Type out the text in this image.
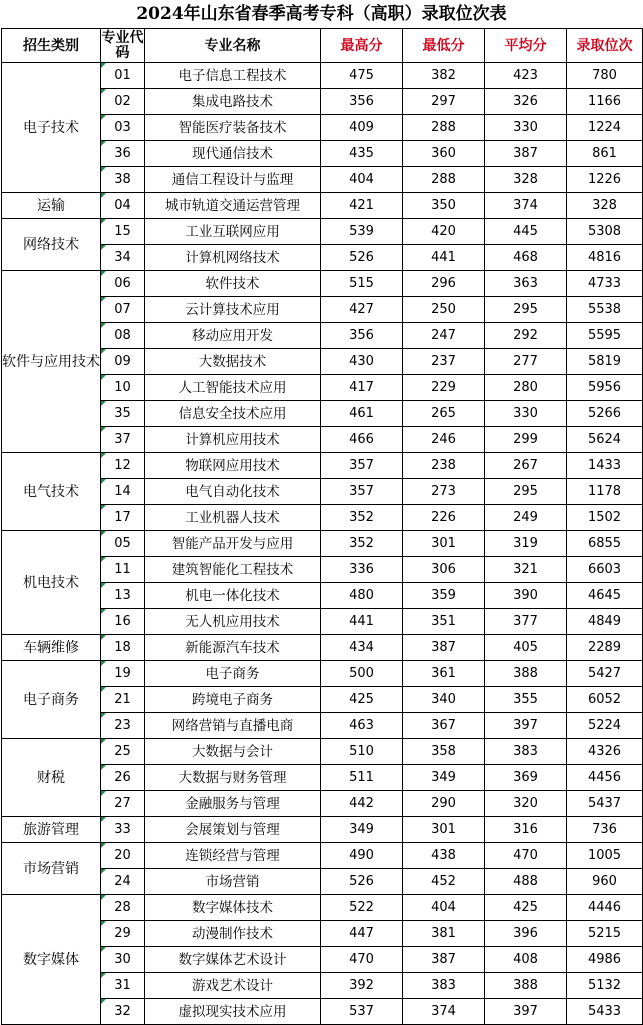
2024年山东省春季高考专科（高职）录取位次表
招生类别	专业代码	专业名称	最高分	最低分	平均分	录取位次
电子技术	01	电子信息工程技术	475	382	423	780

02	集成电路技术	356	297	326	1166

03	智能医疗装备技术	409	288	330	1224

36	现代通信技术	435	360	387	861

38	通信工程设计与监理	404	288	328	1226
运输	04	城市轨道交通运营管理	421	350	374	328
网络技术	15	工业互联网应用	539	420	445	5308

34	计算机网络技术	526	441	468	4816
软件与应用技术	06	软件技术	515	296	363	4733

07	云计算技术应用	427	250	295	5538

08	移动应用开发	356	247	292	5595

09	大数据技术	430	237	277	5819

10	人工智能技术应用	417	229	280	5956

35	信息安全技术应用	461	265	330	5266

37	计算机应用技术	466	246	299	5624
电气技术	12	物联网应用技术	357	238	267	1433

14	电气自动化技术	357	273	295	1178

17	工业机器人技术	352	226	249	1502
机电技术	05	智能产品开发与应用	352	301	319	6855

11	建筑智能化工程技术	336	306	321	6603

13	机电一体化技术	480	359	390	4645

16	无人机应用技术	441	351	377	4849
车辆维修	18	新能源汽车技术	434	387	405	2289
电子商务	19	电子商务	500	361	388	5427

21	跨境电子商务	425	340	355	6052

23	网络营销与直播电商	463	367	397	5224
财税	25	大数据与会计	510	358	383	4326

26	大数据与财务管理	511	349	369	4456

27	金融服务与管理	442	290	320	5437
旅游管理	33	会展策划与管理	349	301	316	736
市场营销	20	连锁经营与管理	490	438	470	1005

24	市场营销	526	452	488	960
数字媒体	28	数字媒体技术	522	404	425	4446

29	动漫制作技术	447	381	396	5215

30	数字媒体艺术设计	470	387	408	4986

31	游戏艺术设计	392	383	388	5132

32	虚拟现实技术应用	537	374	397	5433
